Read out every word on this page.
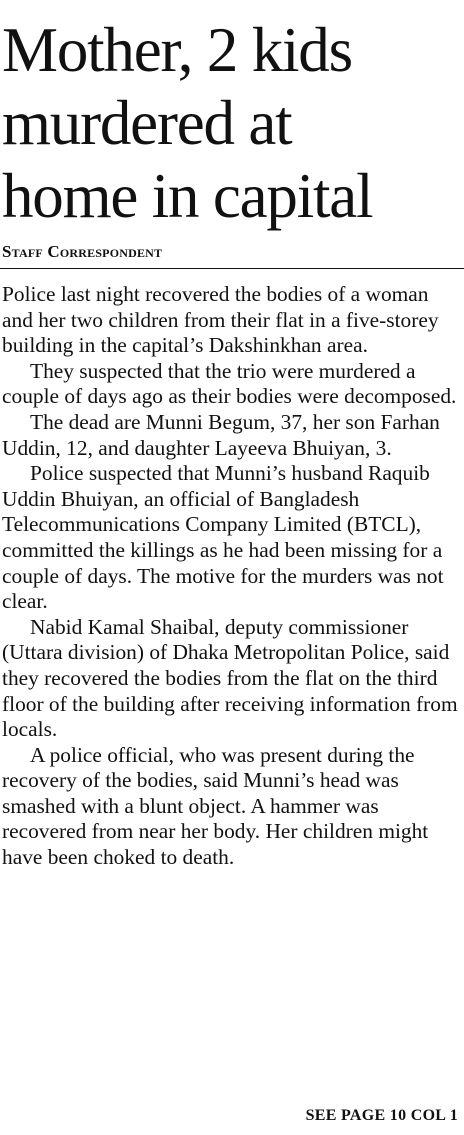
Mother, 2 kids
murdered at
home in capital
Staff Correspondent

Police last night recovered the bodies of a woman and her two children from their flat in a five-storey building in the capital’s Dakshinkhan area.

They suspected that the trio were murdered a couple of days ago as their bodies were decomposed.

The dead are Munni Begum, 37, her son Farhan Uddin, 12, and daughter Layeeva Bhuiyan, 3.

Police suspected that Munni’s husband Raquib Uddin Bhuiyan, an official of Bangladesh Telecommunications Company Limited (BTCL), committed the killings as he had been missing for a couple of days. The motive for the murders was not clear.

Nabid Kamal Shaibal, deputy commissioner (Uttara division) of Dhaka Metropolitan Police, said they recovered the bodies from the flat on the third floor of the building after receiving information from locals.

A police official, who was present during the recovery of the bodies, said Munni’s head was smashed with a blunt object. A hammer was recovered from near her body. Her children might have been choked to death.

SEE PAGE 10 COL 1
